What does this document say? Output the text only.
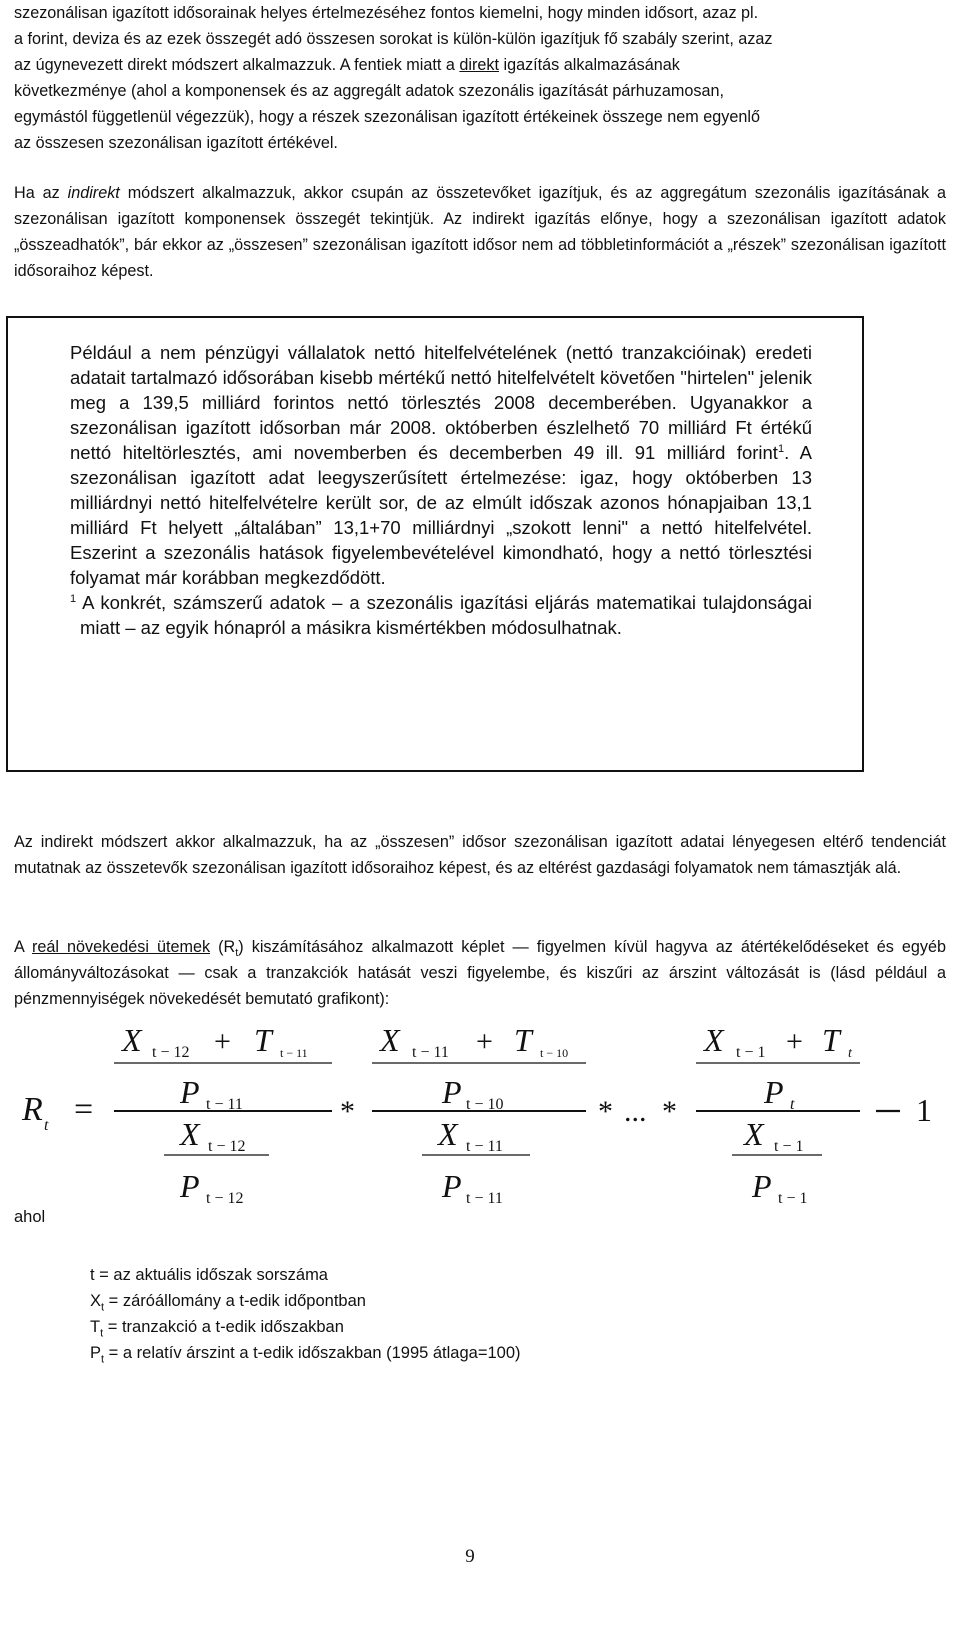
szezonálisan igazított idősorainak helyes értelmezéséhez fontos kiemelni, hogy minden idősort, azaz pl.

a forint, deviza és az ezek összegét adó összesen sorokat is külön-külön igazítjuk fő szabály szerint, azaz

az úgynevezett direkt módszert alkalmazzuk. A fentiek miatt a direkt igazítás alkalmazásának

következménye (ahol a komponensek és az aggregált adatok szezonális igazítását párhuzamosan,

egymástól függetlenül végezzük), hogy a részek szezonálisan igazított értékeinek összege nem egyenlő

az összesen szezonálisan igazított értékével.

Ha az indirekt módszert alkalmazzuk, akkor csupán az összetevőket igazítjuk, és az aggregátum szezonális igazításának a szezonálisan igazított komponensek összegét tekintjük. Az indirekt igazítás előnye, hogy a szezonálisan igazított adatok „összeadhatók”, bár ekkor az „összesen” szezonálisan igazított idősor nem ad többletinformációt a „részek” szezonálisan igazított idősoraihoz képest.

Például a nem pénzügyi vállalatok nettó hitelfelvételének (nettó tranzakcióinak) eredeti adatait tartalmazó idősorában kisebb mértékű nettó hitelfelvételt követően "hirtelen" jelenik meg a 139,5 milliárd forintos nettó törlesztés 2008 decemberében. Ugyanakkor a szezonálisan igazított idősorban már 2008. októberben észlelhető 70 milliárd Ft értékű nettó hiteltörlesztés, ami novemberben és decemberben 49 ill. 91 milliárd forint$^1$. A szezonálisan igazított adat leegyszerűsített értelmezése: igaz, hogy októberben 13 milliárdnyi nettó hitelfelvételre került sor, de az elmúlt időszak azonos hónapjaiban 13,1 milliárd Ft helyett „általában” 13,1+70 milliárdnyi „szokott lenni" a nettó hitelfelvétel. Eszerint a szezonális hatások figyelembevételével kimondható, hogy a nettó törlesztési folyamat már korábban megkezdődött.

$^1$ A konkrét, számszerű adatok – a szezonális igazítási eljárás matematikai tulajdonságai miatt – az egyik hónapról a másikra kismértékben módosulhatnak.

Az indirekt módszert akkor alkalmazzuk, ha az „összesen” idősor szezonálisan igazított adatai lényegesen eltérő tendenciát mutatnak az összetevők szezonálisan igazított idősoraihoz képest, és az eltérést gazdasági folyamatok nem támasztják alá.

A reál növekedési ütemek $(R_t)$ kiszámításához alkalmazott képlet — figyelmen kívül hagyva az átértékelődéseket és egyéb állományváltozásokat — csak a tranzakciók hatását veszi figyelembe, és kiszűri az árszint változását is (lásd például a pénzmennyiségek növekedését bemutató grafikont):

R t =
X t − 12 + T t − 11
P t − 11
X t − 12
P t − 12
*
X t − 11 + T t − 10
P t − 10
X t − 11
P t − 11
* ... *
X t − 1 + T t
P t
X t − 1
P t − 1
1
ahol
t = az aktuális időszak sorszáma
$X_t$ = záróállomány a t-edik időpontban
$T_t$ = tranzakció a t-edik időszakban
$P_t = a$ relatív árszint a t-edik időszakban (1995 átlaga=100)
9
